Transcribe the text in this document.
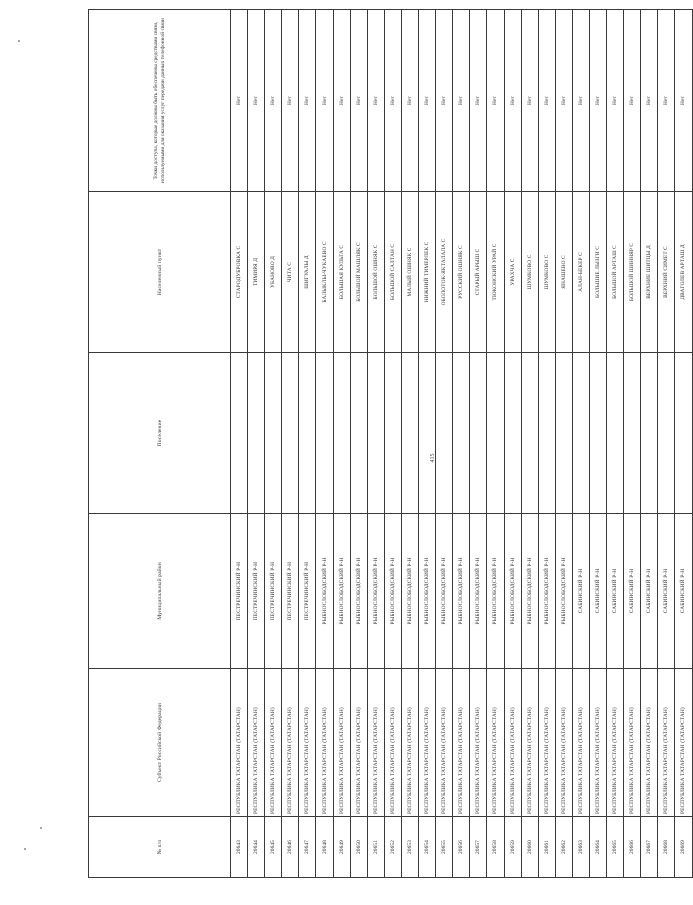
415
№ п/п	Субъект Российской Федерации	Муниципальный район	Поселение	Населенный пункт	Точки доступа, которые должны быть обеспечены средствами связи, используемыми для оказания услуг передачи данных телефонной связи
20643	РЕСПУБЛИКА ТАТАРСТАН (ТАТАРСТАН)	ПЕСТРЕЧИНСКИЙ Р-Н		СТАРОДУБРОВКА С	Нет
20644	РЕСПУБЛИКА ТАТАРСТАН (ТАТАРСТАН)	ПЕСТРЕЧИНСКИЙ Р-Н		ТИМИРЯ Д	Нет
20645	РЕСПУБЛИКА ТАТАРСТАН (ТАТАРСТАН)	ПЕСТРЕЧИНСКИЙ Р-Н		УБАНОВО Д	Нет
20646	РЕСПУБЛИКА ТАТАРСТАН (ТАТАРСТАН)	ПЕСТРЕЧИНСКИЙ Р-Н		ЧИТА С	Нет
20647	РЕСПУБЛИКА ТАТАРСТАН (ТАТАРСТАН)	ПЕСТРЕЧИНСКИЙ Р-Н		ШИГУАЛЫ Д	Нет
20648	РЕСПУБЛИКА ТАТАРСТАН (ТАТАРСТАН)	РЫБНОСЛОБОДСКИЙ Р-Н		БАЛЫКЛЫ-ЧУКАЕВО С	Нет
20649	РЕСПУБЛИКА ТАТАРСТАН (ТАТАРСТАН)	РЫБНОСЛОБОДСКИЙ Р-Н		БОЛЬШАЯ КУЛЬГА С	Нет
20650	РЕСПУБЛИКА ТАТАРСТАН (ТАТАРСТАН)	РЫБНОСЛОБОДСКИЙ Р-Н		БОЛЬШОЙ МАШЛЯК С	Нет
20651	РЕСПУБЛИКА ТАТАРСТАН (ТАТАРСТАН)	РЫБНОСЛОБОДСКИЙ Р-Н		БОЛЬШОЙ ОШНЯК С	Нет
20652	РЕСПУБЛИКА ТАТАРСТАН (ТАТАРСТАН)	РЫБНОСЛОБОДСКИЙ Р-Н		БОЛЬШОЙ САЛТАН С	Нет
20653	РЕСПУБЛИКА ТАТАРСТАН (ТАТАРСТАН)	РЫБНОСЛОБОДСКИЙ Р-Н		МАЛЫЙ ОШНЯК С	Нет
20654	РЕСПУБЛИКА ТАТАРСТАН (ТАТАРСТАН)	РЫБНОСЛОБОДСКИЙ Р-Н		НИЖНИЙ ТИМЕРЛЕК С	Нет
20655	РЕСПУБЛИКА ТАТАРСТАН (ТАТАРСТАН)	РЫБНОСЛОБОДСКИЙ Р-Н		ОБОЛОТОК-ЯКТАЛАЛА С	Нет
20656	РЕСПУБЛИКА ТАТАРСТАН (ТАТАРСТАН)	РЫБНОСЛОБОДСКИЙ Р-Н		РУССКИЙ ОШНЯК С	Нет
20657	РЕСПУБЛИКА ТАТАРСТАН (ТАТАРСТАН)	РЫБНОСЛОБОДСКИЙ Р-Н		СТАРЫЙ АРЫШ С	Нет
20658	РЕСПУБЛИКА ТАТАРСТАН (ТАТАРСТАН)	РЫБНОСЛОБОДСКИЙ Р-Н		ТЮКОНСКИЙ УРАЙ С	Нет
20659	РЕСПУБЛИКА ТАТАРСТАН (ТАТАРСТАН)	РЫБНОСЛОБОДСКИЙ Р-Н		УРАХЧА С	Нет
20660	РЕСПУБЛИКА ТАТАРСТАН (ТАТАРСТАН)	РЫБНОСЛОБОДСКИЙ Р-Н		ШУМКОВО С	Нет
20661	РЕСПУБЛИКА ТАТАРСТАН (ТАТАРСТАН)	РЫБНОСЛОБОДСКИЙ Р-Н		ШУМКОВО С	Нет
20662	РЕСПУБЛИКА ТАТАРСТАН (ТАТАРСТАН)	РЫБНОСЛОБОДСКИЙ Р-Н		ЯНАШЕВО С	Нет
20663	РЕСПУБЛИКА ТАТАРСТАН (ТАТАРСТАН)	САБИНСКИЙ Р-Н		АЛАН-БЕКЕР С	Нет
20664	РЕСПУБЛИКА ТАТАРСТАН (ТАТАРСТАН)	САБИНСКИЙ Р-Н		БОЛЬШИЕ ЛЫЗГИ С	Нет
20665	РЕСПУБЛИКА ТАТАРСТАН (ТАТАРСТАН)	САБИНСКИЙ Р-Н		БОЛЬШОЙ АРТАШ С	Нет
20666	РЕСПУБЛИКА ТАТАРСТАН (ТАТАРСТАН)	САБИНСКИЙ Р-Н		БОЛЬШОЙ ШИННЯР С	Нет
20667	РЕСПУБЛИКА ТАТАРСТАН (ТАТАРСТАН)	САБИНСКИЙ Р-Н		ВЕРХНИЕ ШИТЦЫ Д	Нет
20668	РЕСПУБЛИКА ТАТАРСТАН (ТАТАРСТАН)	САБИНСКИЙ Р-Н		ВЕРХНИЙ СИМЕТ С	Нет
20669	РЕСПУБЛИКА ТАТАРСТАН (ТАТАРСТАН)	САБИНСКИЙ Р-Н		ДВАГОЛЕВ АРТАШ Д	Нет
